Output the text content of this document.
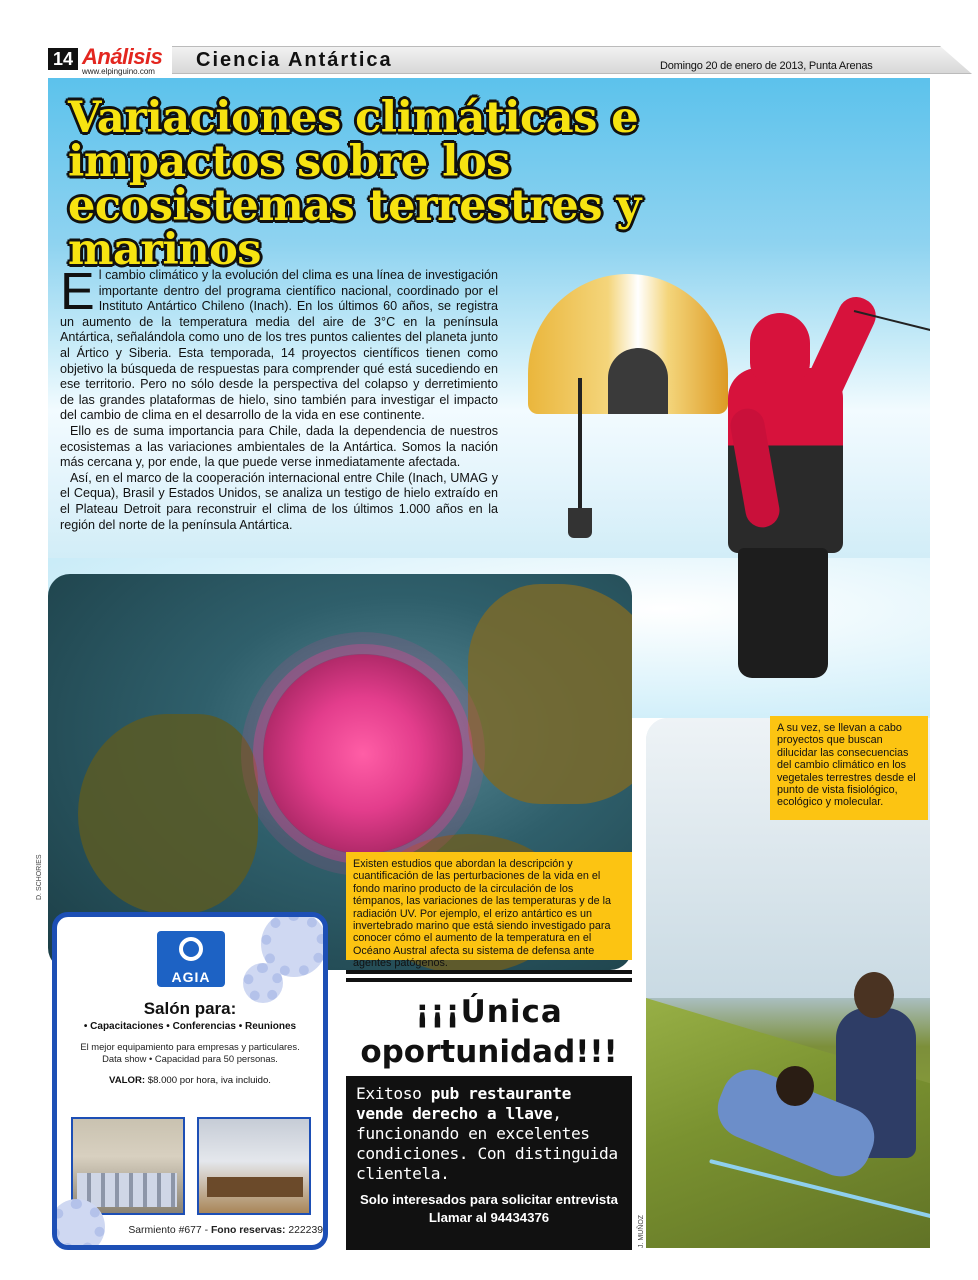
14 Análisis
www.elpinguino.com
Ciencia Antártica	Domingo 20 de enero de 2013, Punta Arenas
Variaciones climáticas e impactos sobre los ecosistemas terrestres y marinos

El cambio climático y la evolución del clima es una línea de investigación importante dentro del programa científico nacional, coordinado por el Instituto Antártico Chileno (Inach). En los últimos 60 años, se registra un aumento de la temperatura media del aire de 3°C en la península Antártica, señalándola como uno de los tres puntos calientes del planeta junto al Ártico y Siberia. Esta temporada, 14 proyectos científicos tienen como objetivo la búsqueda de respuestas para comprender qué está sucediendo en ese territorio. Pero no sólo desde la perspectiva del colapso y derretimiento de las grandes plataformas de hielo, sino también para investigar el impacto del cambio de clima en el desarrollo de la vida en ese continente.

Ello es de suma importancia para Chile, dada la dependencia de nuestros ecosistemas a las variaciones ambientales de la Antártica. Somos la nación más cercana y, por ende, la que puede verse inmediatamente afectada.

Así, en el marco de la cooperación internacional entre Chile (Inach, UMAG y el Cequa), Brasil y Estados Unidos, se analiza un testigo de hielo extraído en el Plateau Detroit para reconstruir el clima de los últimos 1.000 años en la región del norte de la península Antártica.

D. SCHORIES
J. MUÑOZ
A su vez, se llevan a cabo proyectos que buscan dilucidar las consecuencias del cambio climático en los vegetales terrestres desde el punto de vista fisiológico, ecológico y molecular.
Existen estudios que abordan la descripción y cuantificación de las perturbaciones de la vida en el fondo marino producto de la circulación de los témpanos, las variaciones de las temperaturas y de la radiación UV. Por ejemplo, el erizo antártico es un invertebrado marino que está siendo investigado para conocer cómo el aumento de la temperatura en el Océano Austral afecta su sistema de defensa ante agentes patógenos.
AGIA
Salón para:
• Capacitaciones • Conferencias • Reuniones
El mejor equipamiento para empresas y particulares.
Data show • Capacidad para 50 personas.
VALOR: $8.000 por hora, iva incluido.
Sarmiento #677 - Fono reservas: 222239
¡¡¡Única
oportunidad!!!
Exitoso pub restaurante vende derecho a llave, funcionando en excelentes condiciones. Con distinguida clientela.
Solo interesados para solicitar entrevista
Llamar al 94434376
